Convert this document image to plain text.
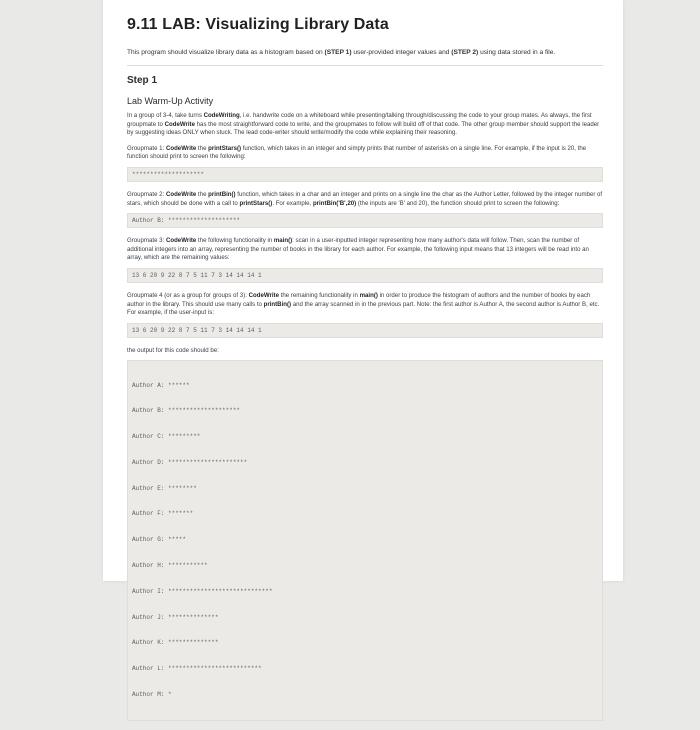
9.11 LAB: Visualizing Library Data
This program should visualize library data as a histogram based on (STEP 1) user-provided integer values and (STEP 2) using data stored in a file.
Step 1
Lab Warm-Up Activity

In a group of 3-4, take turns CodeWriting, i.e. handwrite code on a whiteboard while presenting/talking through/discussing the code to your group mates. As always, the first groupmate to CodeWrite has the most straightforward code to write, and the groupmates to follow will build off of that code. The other group member should support the leader by suggesting ideas ONLY when stuck. The lead code-writer should write/modify the code while explaining their reasoning.

Groupmate 1: CodeWrite the printStars() function, which takes in an integer and simply prints that number of asterisks on a single line. For example, if the input is 20, the function should print to screen the following:

********************

Groupmate 2: CodeWrite the printBin() function, which takes in a char and an integer and prints on a single line the char as the Author Letter, followed by the integer number of stars, which should be done with a call to printStars(). For example, printBin('B',20) (the inputs are 'B' and 20), the function should print to screen the following:

Author B: ********************

Groupmate 3: CodeWrite the following functionality in main(): scan in a user-inputted integer representing how many author's data will follow. Then, scan the number of additional integers into an array, representing the number of books in the library for each author. For example, the following input means that 13 integers will be read into an array, which are the remaining values:

13 6 20 9 22 8 7 5 11 7 3 14 14 14 1

Groupmate 4 (or as a group for groups of 3): CodeWrite the remaining functionality in main() in order to produce the histogram of authors and the number of books by each author in the library. This should use many calls to printBin() and the array scanned in in the previous part. Note: the first author is Author A, the second author is Author B, etc. For example, if the user-input is:

13 6 20 9 22 8 7 5 11 7 3 14 14 14 1

the output for this code should be:

Author A: ******

Author B: ********************

Author C: *********

Author D: **********************

Author E: ********

Author F: *******

Author G: *****

Author H: ***********

Author I: *****************************

Author J: **************

Author K: **************

Author L: **************************

Author M: *
